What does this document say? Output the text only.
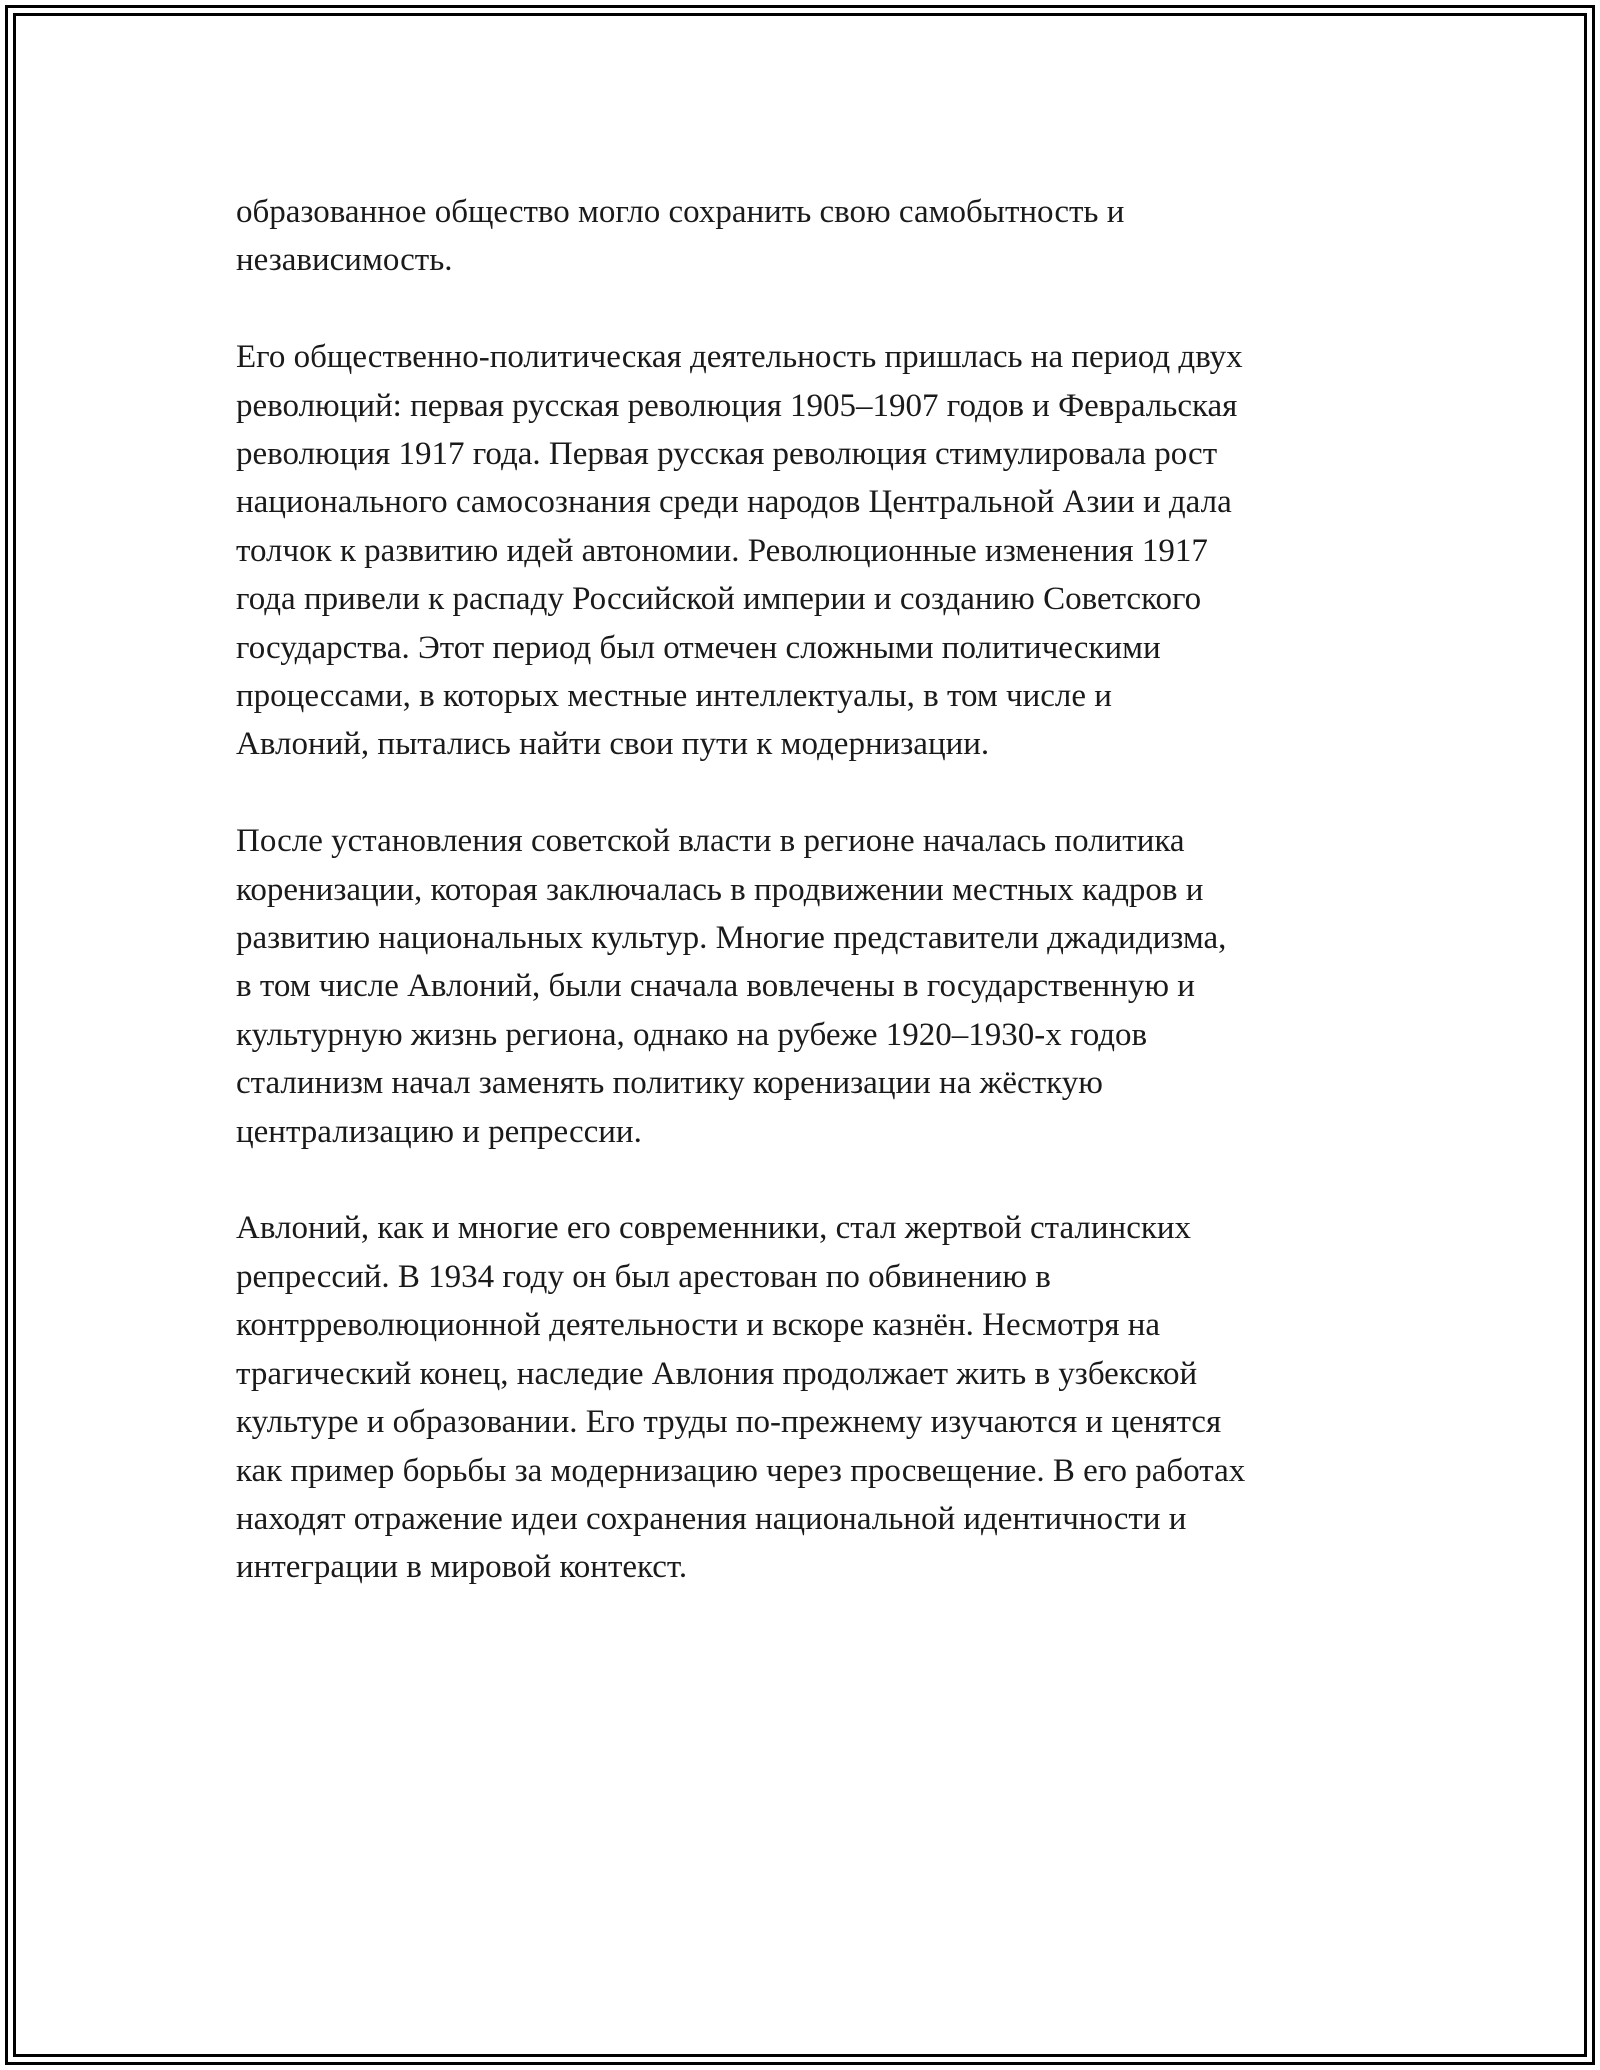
образованное общество могло сохранить свою самобытность и
независимость.

Его общественно-политическая деятельность пришлась на период двух
революций: первая русская революция 1905–1907 годов и Февральская
революция 1917 года. Первая русская революция стимулировала рост
национального самосознания среди народов Центральной Азии и дала
толчок к развитию идей автономии. Революционные изменения 1917
года привели к распаду Российской империи и созданию Советского
государства. Этот период был отмечен сложными политическими
процессами, в которых местные интеллектуалы, в том числе и
Авлоний, пытались найти свои пути к модернизации.

После установления советской власти в регионе началась политика
коренизации, которая заключалась в продвижении местных кадров и
развитию национальных культур. Многие представители джадидизма,
в том числе Авлоний, были сначала вовлечены в государственную и
культурную жизнь региона, однако на рубеже 1920–1930-х годов
сталинизм начал заменять политику коренизации на жёсткую
централизацию и репрессии.

Авлоний, как и многие его современники, стал жертвой сталинских
репрессий. В 1934 году он был арестован по обвинению в
контрреволюционной деятельности и вскоре казнён. Несмотря на
трагический конец, наследие Авлония продолжает жить в узбекской
культуре и образовании. Его труды по-прежнему изучаются и ценятся
как пример борьбы за модернизацию через просвещение. В его работах
находят отражение идеи сохранения национальной идентичности и
интеграции в мировой контекст.
